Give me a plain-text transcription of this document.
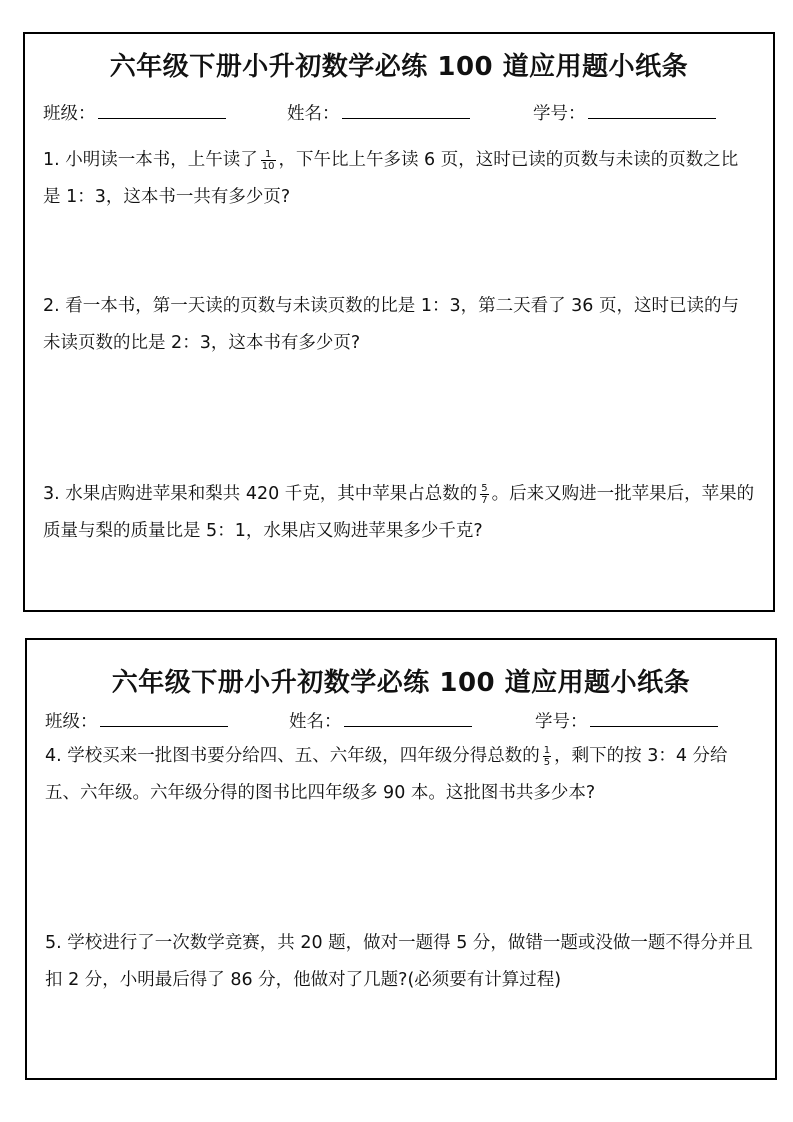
六年级下册小升初数学必练 100 道应用题小纸条
班级：	姓名：	学号：

1. 小明读一本书，上午读了 $\frac{1}{10}$ ，下午比上午多读 6 页，这时已读的页数与未读的页数之比是 1：3，这本书一共有多少页?

2. 看一本书，第一天读的页数与未读页数的比是 1：3，第二天看了 36 页，这时已读的与未读页数的比是 2：3，这本书有多少页?

3. 水果店购进苹果和梨共 420 千克，其中苹果占总数的 $\frac{5}{7}$ 。后来又购进一批苹果后，苹果的质量与梨的质量比是 5：1，水果店又购进苹果多少千克?

六年级下册小升初数学必练 100 道应用题小纸条
班级：	姓名：	学号：

4. 学校买来一批图书要分给四、五、六年级，四年级分得总数的 $\frac{1}{5}$ ，剩下的按 3：4 分给五、六年级。六年级分得的图书比四年级多 90 本。这批图书共多少本?

5. 学校进行了一次数学竞赛，共 20 题，做对一题得 5 分，做错一题或没做一题不得分并且扣 2 分，小明最后得了 86 分，他做对了几题?(必须要有计算过程)
